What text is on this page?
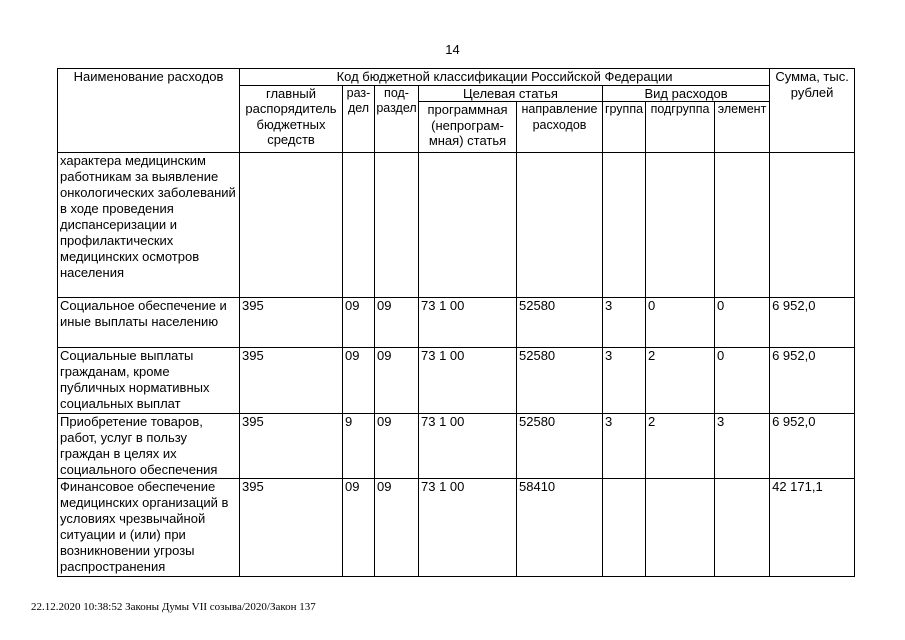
14
Наименование расходов	Код бюджетной классификации Российской Федерации								Сумма, тыс. рублей
	главный распорядитель бюджетных средств	раз-дел	под-раздел	Целевая статья		Вид расходов			
				программная (непрограм-мная) статья	направление расходов	группа	подгруппа	элемент	
характера медицинским работникам за выявление онкологических заболеваний в ходе проведения диспансеризации и профилактических медицинских осмотров населения									
Социальное обеспечение и иные выплаты населению	395	09	09	73 1 00	52580	3	0	0	6 952,0
Социальные выплаты гражданам, кроме публичных нормативных социальных выплат	395	09	09	73 1 00	52580	3	2	0	6 952,0
Приобретение товаров, работ, услуг в пользу граждан в целях их социального обеспечения	395	9	09	73 1 00	52580	3	2	3	6 952,0
Финансовое обеспечение медицинских организаций в условиях чрезвычайной ситуации и (или) при возникновении угрозы распространения	395	09	09	73 1 00	58410				42 171,1
22.12.2020 10:38:52 Законы Думы VII созыва/2020/Закон 137
